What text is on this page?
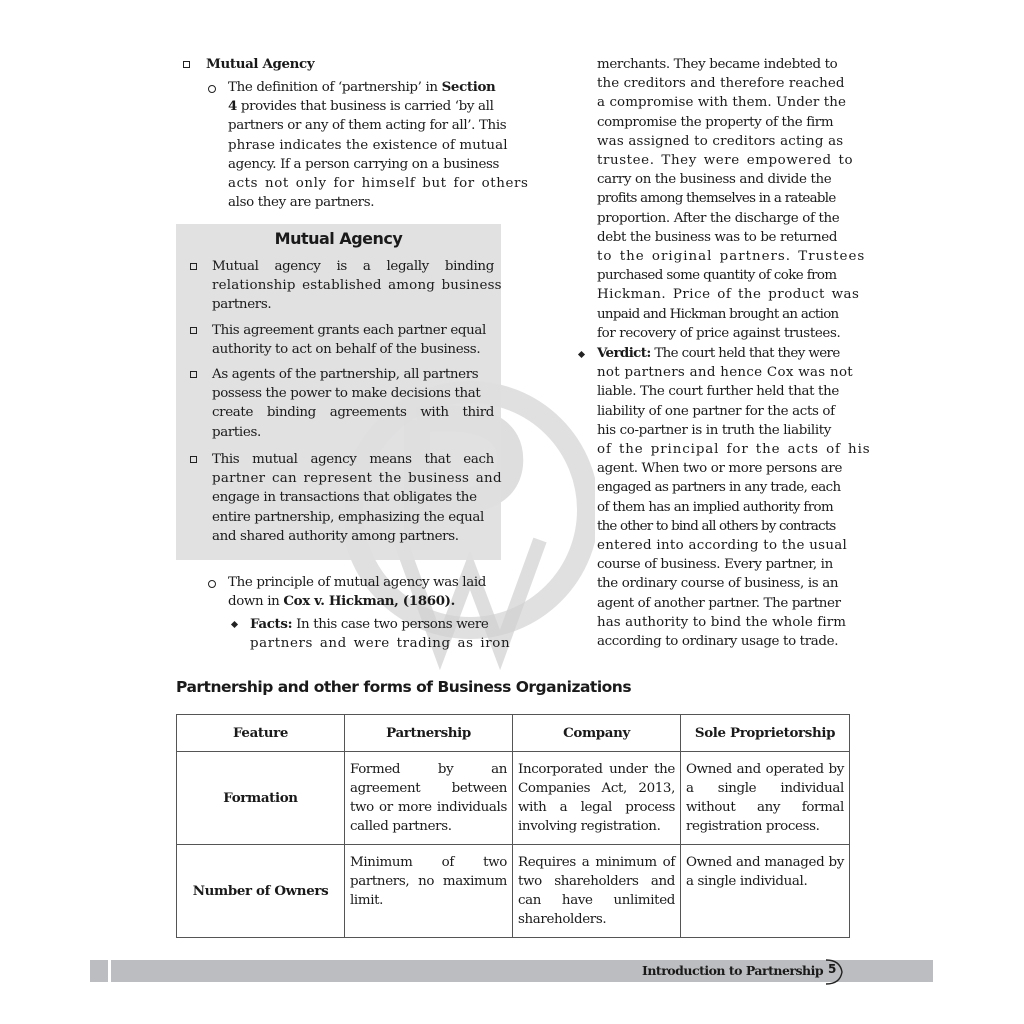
Mutual Agency
The definition of ‘partnership’ in Section
4 provides that business is carried ‘by all
partners or any of them acting for all’. This
phrase indicates the existence of mutual
agency. If a person carrying on a business
acts not only for himself but for others
also they are partners.
Mutual Agency
Mutual agency is a legally binding
relationship established among business
partners.
This agreement grants each partner equal
authority to act on behalf of the business.
As agents of the partnership, all partners
possess the power to make decisions that
create binding agreements with third
parties.
This mutual agency means that each
partner can represent the business and
engage in transactions that obligates the
entire partnership, emphasizing the equal
and shared authority among partners.
The principle of mutual agency was laid
down in Cox v. Hickman, (1860).
Facts: In this case two persons were
partners and were trading as iron
merchants. They became indebted to
the creditors and therefore reached
a compromise with them. Under the
compromise the property of the firm
was assigned to creditors acting as
trustee. They were empowered to
carry on the business and divide the
profits among themselves in a rateable
proportion. After the discharge of the
debt the business was to be returned
to the original partners. Trustees
purchased some quantity of coke from
Hickman. Price of the product was
unpaid and Hickman brought an action
for recovery of price against trustees.
Verdict: The court held that they were
not partners and hence Cox was not
liable. The court further held that the
liability of one partner for the acts of
his co-partner is in truth the liability
of the principal for the acts of his
agent. When two or more persons are
engaged as partners in any trade, each
of them has an implied authority from
the other to bind all others by contracts
entered into according to the usual
course of business. Every partner, in
the ordinary course of business, is an
agent of another partner. The partner
has authority to bind the whole firm
according to ordinary usage to trade.
Partnership and other forms of Business Organizations
Feature	Partnership	Company	Sole Proprietorship
Formation	Formed by an agreement between two or more individuals called partners.	Incorporated under the Companies Act, 2013, with a legal process involving registration.	Owned and operated by a single individual without any formal registration process.
Number of Owners	Minimum of two partners, no maximum limit.	Requires a minimum of two shareholders and can have unlimited shareholders.	Owned and managed by a single individual.
Introduction to Partnership 5
